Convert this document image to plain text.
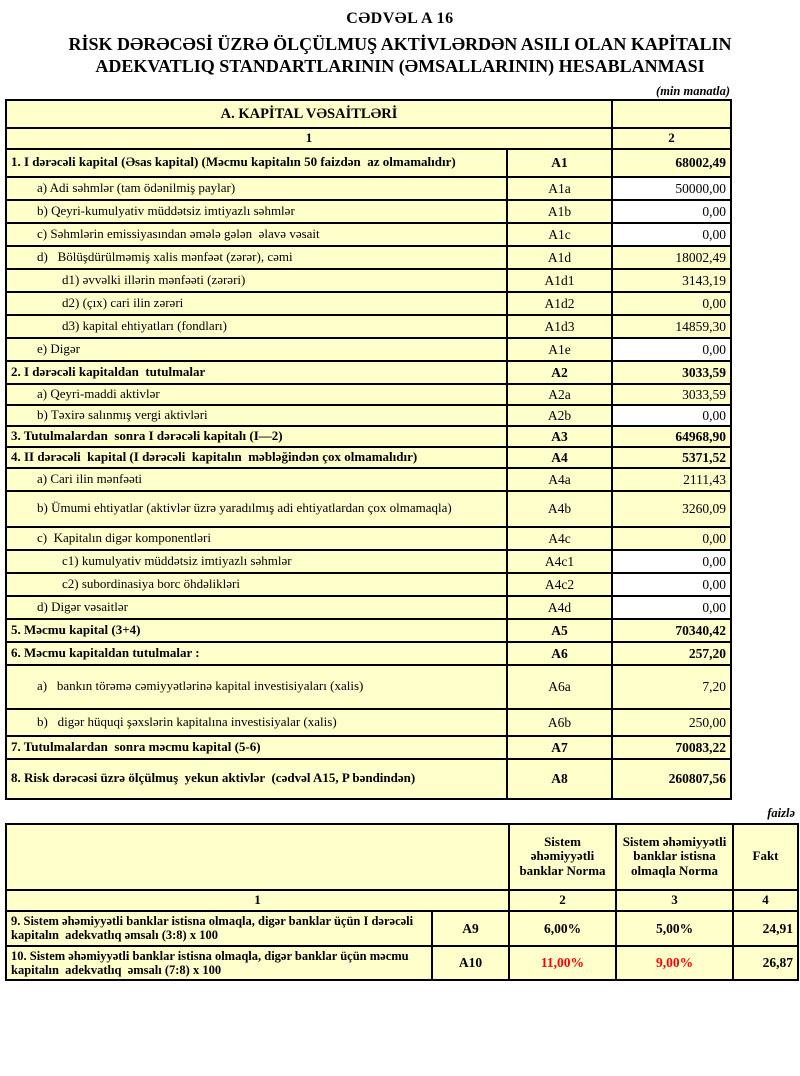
CƏDVƏL A 16
RİSK DƏRƏCƏSİ ÜZRƏ ÖLÇÜLMUŞ AKTİVLƏRDƏN ASILI OLAN KAPİTALIN
ADEKVATLIQ STANDARTLARININ (ƏMSALLARININ) HESABLANMASI
(min manatla)
A. KAPİTAL VƏSAİTLƏRİ		
1		2
1. I dərəcəli kapital (Əsas kapital) (Məcmu kapitalın 50 faizdən  az olmamalıdır)	A1	68002,49
a) Adi səhmlər (tam ödənilmiş paylar)	A1a	50000,00
b) Qeyri-kumulyativ müddətsiz imtiyazlı səhmlər	A1b	0,00
c) Səhmlərin emissiyasından əmələ gələn  əlavə vəsait	A1c	0,00
d)   Bölüşdürülməmiş xalis mənfəət (zərər), cəmi	A1d	18002,49
d1) əvvəlki illərin mənfəəti (zərəri)	A1d1	3143,19
d2) (çıx) cari ilin zərəri	A1d2	0,00
d3) kapital ehtiyatları (fondları)	A1d3	14859,30
e) Digər	A1e	0,00
2. I dərəcəli kapitaldan  tutulmalar	A2	3033,59
a) Qeyri-maddi aktivlər	A2a	3033,59
b) Təxirə salınmış vergi aktivləri	A2b	0,00
3. Tutulmalardan  sonra I dərəcəli kapitalı (I—2)	A3	64968,90
4. II dərəcəli  kapital (I dərəcəli  kapitalın  məbləğindən çox olmamalıdır)	A4	5371,52
a) Cari ilin mənfəəti	A4a	2111,43
b) Ümumi ehtiyatlar (aktivlər üzrə yaradılmış adi ehtiyatlardan çox olmamaqla)	A4b	3260,09
c)  Kapitalın digər komponentləri	A4c	0,00
c1) kumulyativ müddətsiz imtiyazlı səhmlər	A4c1	0,00
c2) subordinasiya borc öhdəlikləri	A4c2	0,00
d) Digər vəsaitlər	A4d	0,00
5. Məcmu kapital (3+4)	A5	70340,42
6. Məcmu kapitaldan tutulmalar :	A6	257,20
a)   bankın törəmə cəmiyyətlərinə kapital investisiyaları (xalis)	A6a	7,20
b)   digər hüquqi şəxslərin kapitalına investisiyalar (xalis)	A6b	250,00
7. Tutulmalardan  sonra məcmu kapital (5-6)	A7	70083,22
8. Risk dərəcəsi üzrə ölçülmuş  yekun aktivlər  (cədvəl A15, P bəndindən)	A8	260807,56
faizlə
		Sistem əhəmiyyətli banklar Norma	Sistem əhəmiyyətli banklar istisna olmaqla Norma	Fakt
1		2	3	4
9. Sistem əhəmiyyətli banklar istisna olmaqla, digər banklar üçün I dərəcəli  kapitalın  adekvatlıq əmsalı (3:8) x 100	A9	6,00%	5,00%	24,91
10. Sistem əhəmiyyətli banklar istisna olmaqla, digər banklar üçün məcmu kapitalın  adekvatlıq  əmsalı (7:8) x 100	A10	11,00%	9,00%	26,87
